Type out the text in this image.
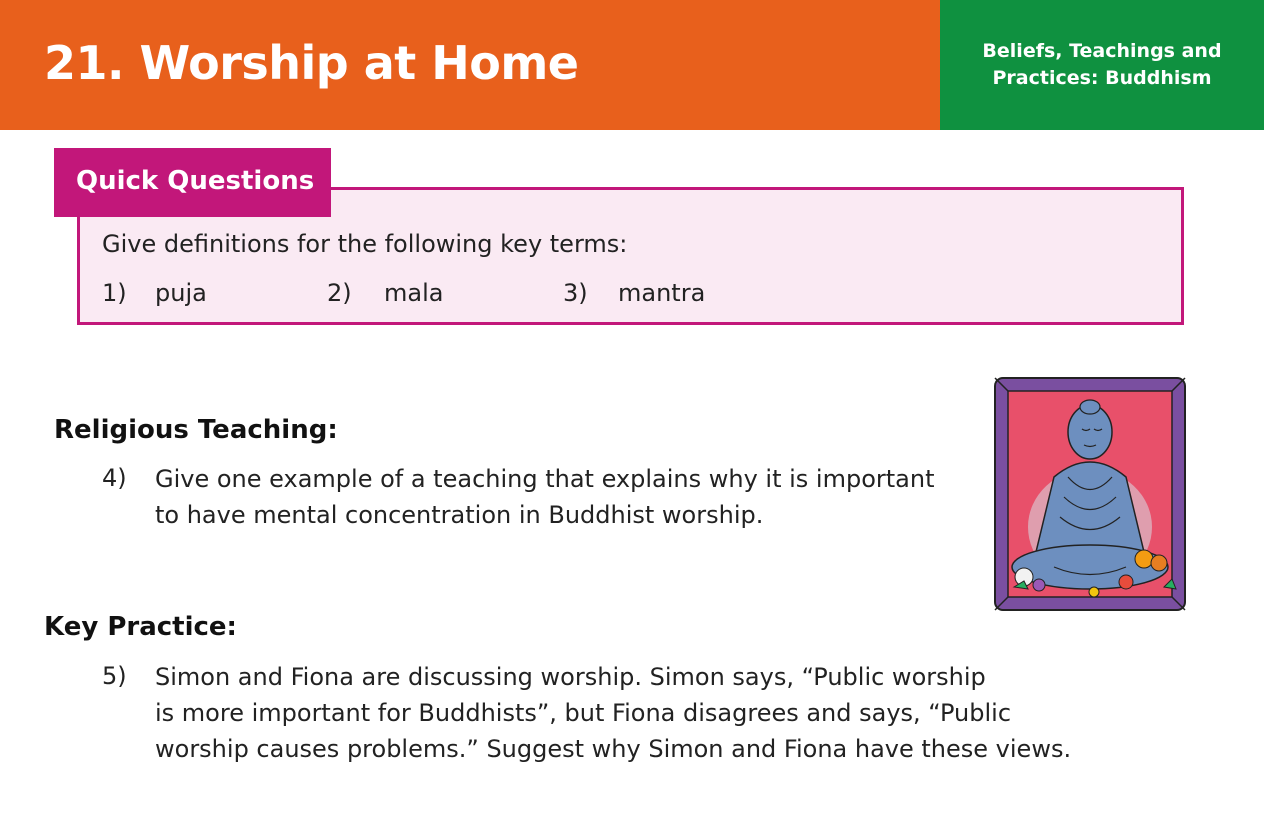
21. Worship at Home	Beliefs, Teachings and
Practices: Buddhism
Quick Questions
Give definitions for the following key terms:
1) puja	2) mala	3) mantra
Religious Teaching:
4) Give one example of a teaching that explains why it is important
to have mental concentration in Buddhist worship.
Key Practice:
5) Simon and Fiona are discussing worship. Simon says, “Public worship
is more important for Buddhists”, but Fiona disagrees and says, “Public
worship causes problems.” Suggest why Simon and Fiona have these views.
